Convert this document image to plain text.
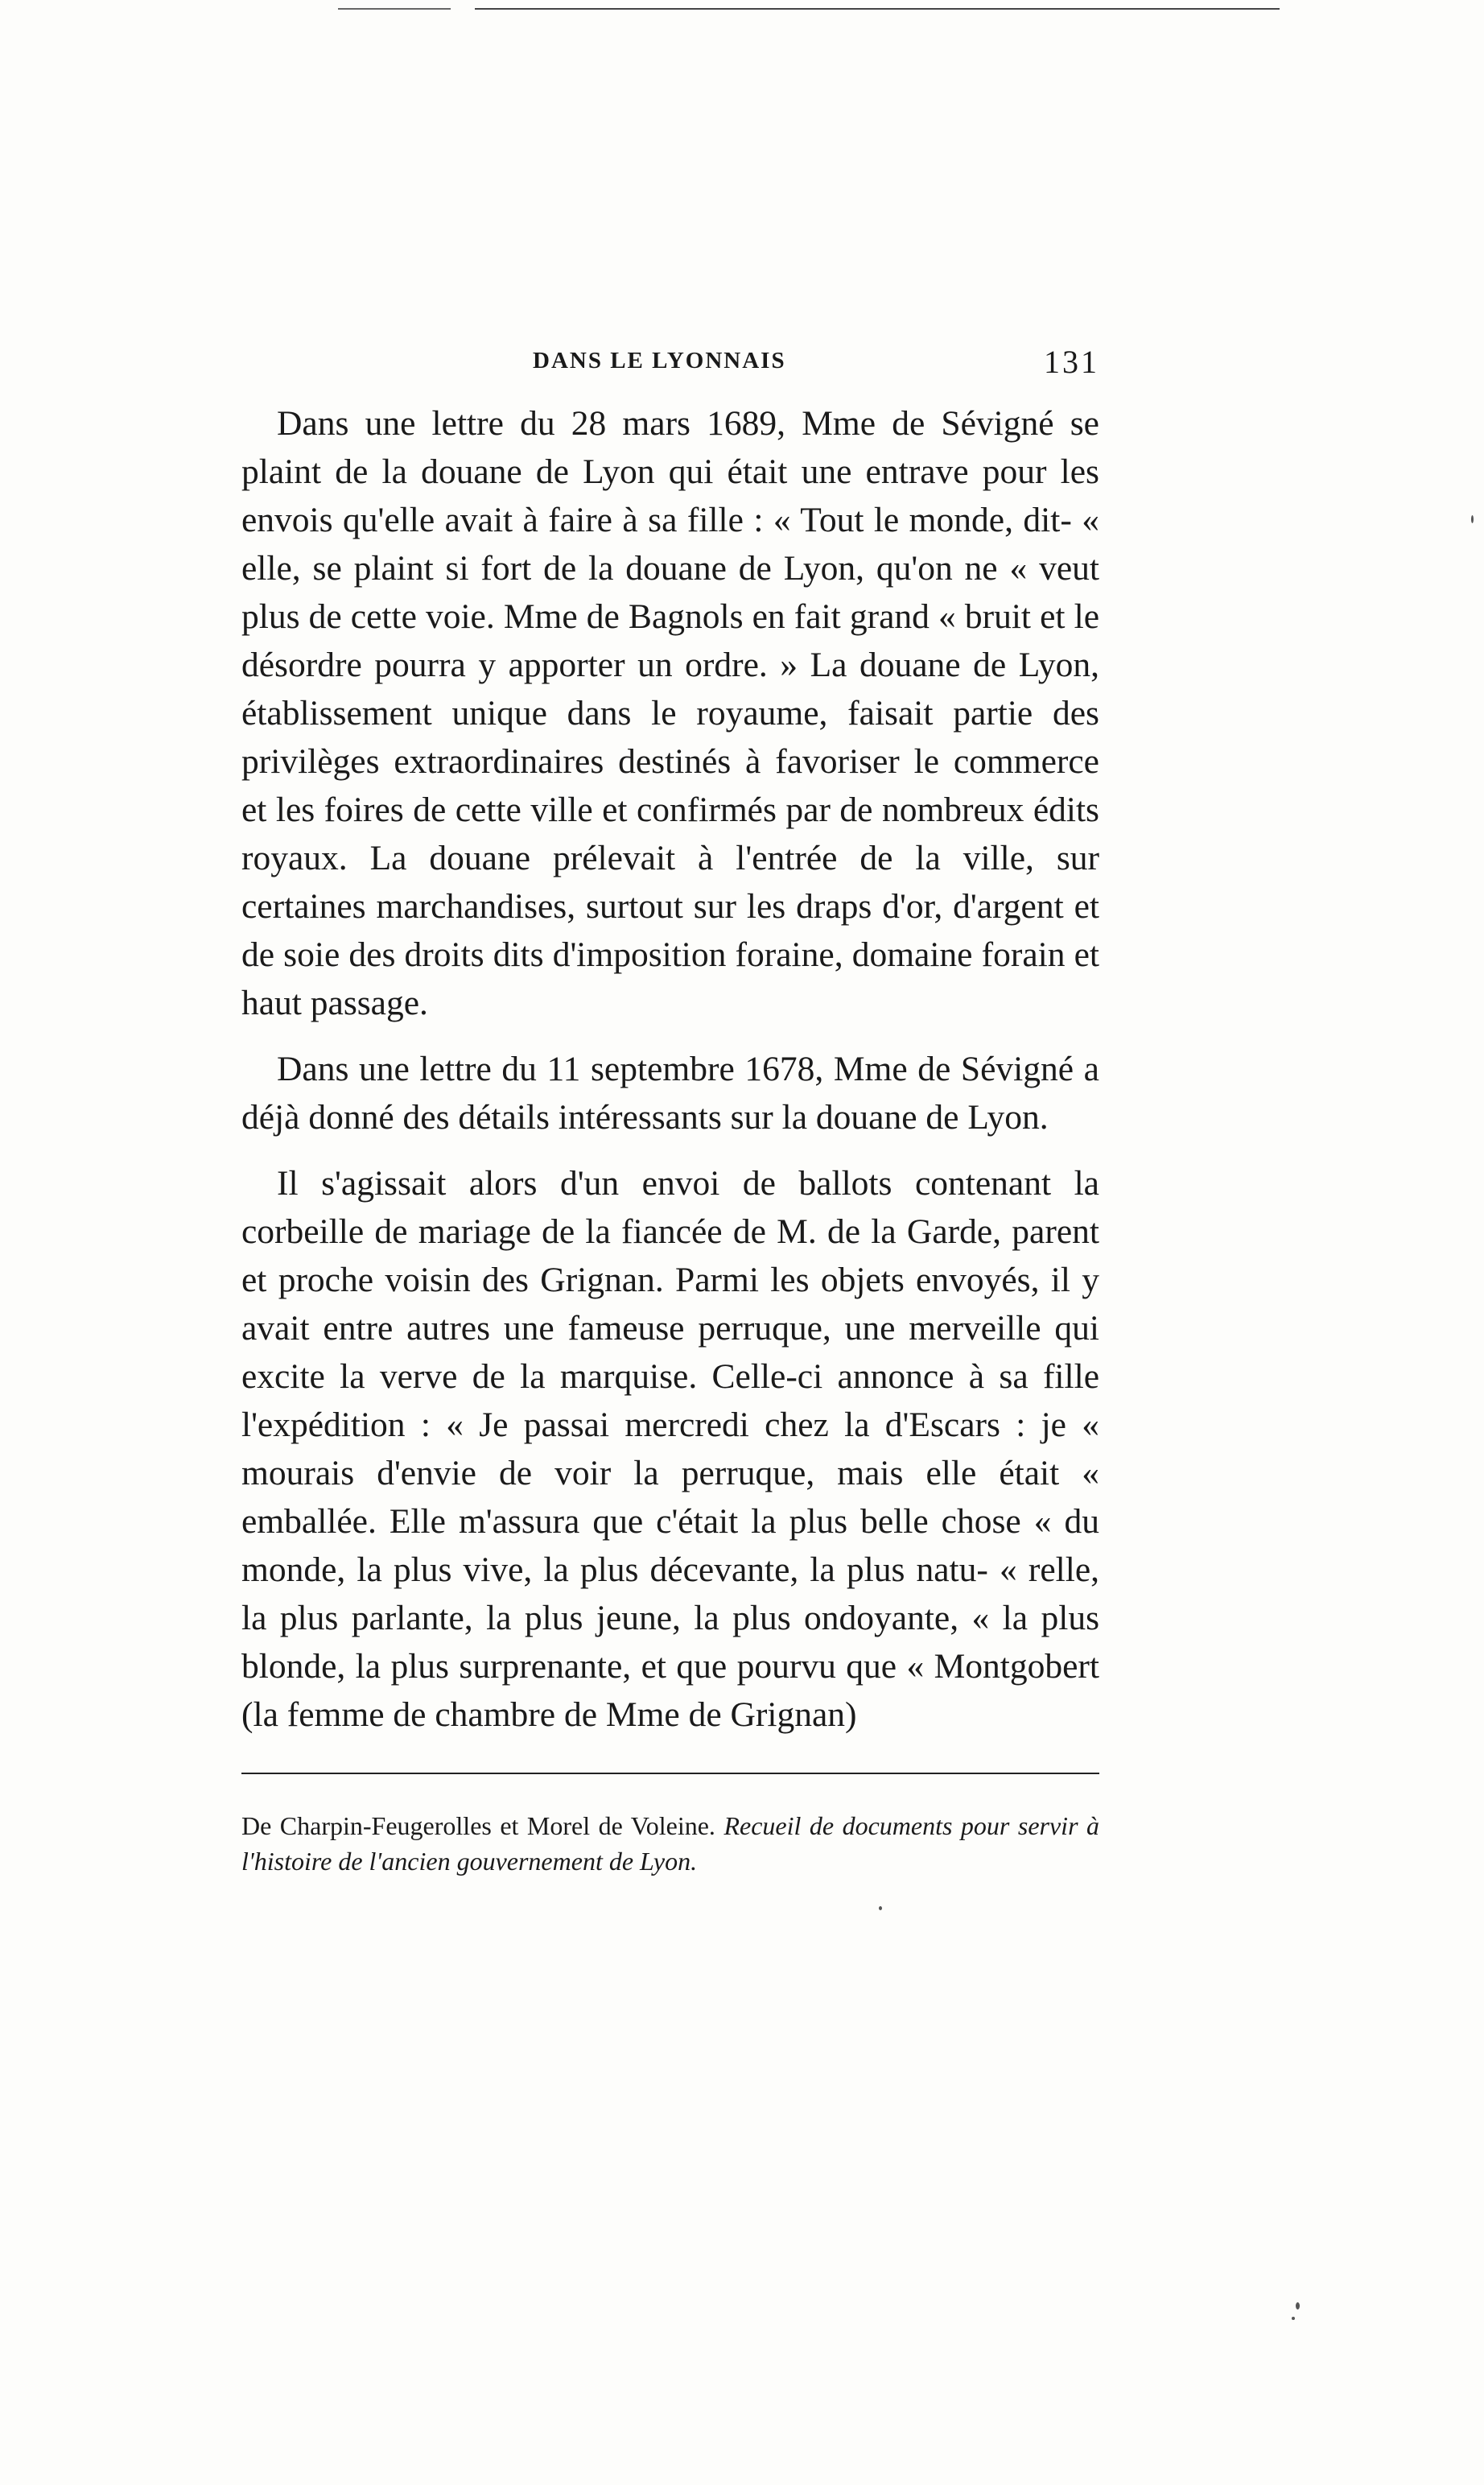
DANS LE LYONNAIS	131

Dans une lettre du 28 mars 1689, Mme de Sévigné se plaint de la douane de Lyon qui était une entrave pour les envois qu'elle avait à faire à sa fille : « Tout le monde, dit- « elle, se plaint si fort de la douane de Lyon, qu'on ne « veut plus de cette voie. Mme de Bagnols en fait grand « bruit et le désordre pourra y apporter un ordre. » La douane de Lyon, établissement unique dans le royaume, faisait partie des privilèges extraordinaires destinés à favoriser le commerce et les foires de cette ville et confirmés par de nombreux édits royaux. La douane prélevait à l'entrée de la ville, sur certaines marchandises, surtout sur les draps d'or, d'argent et de soie des droits dits d'imposition foraine, domaine forain et haut passage.

Dans une lettre du 11 septembre 1678, Mme de Sévigné a déjà donné des détails intéressants sur la douane de Lyon.

Il s'agissait alors d'un envoi de ballots contenant la corbeille de mariage de la fiancée de M. de la Garde, parent et proche voisin des Grignan. Parmi les objets envoyés, il y avait entre autres une fameuse perruque, une merveille qui excite la verve de la marquise. Celle-ci annonce à sa fille l'expédition : « Je passai mercredi chez la d'Escars : je « mourais d'envie de voir la perruque, mais elle était « emballée. Elle m'assura que c'était la plus belle chose « du monde, la plus vive, la plus décevante, la plus natu- « relle, la plus parlante, la plus jeune, la plus ondoyante, « la plus blonde, la plus surprenante, et que pourvu que « Montgobert (la femme de chambre de Mme de Grignan)

De Charpin-Feugerolles et Morel de Voleine. Recueil de documents pour servir à l'histoire de l'ancien gouvernement de Lyon.
